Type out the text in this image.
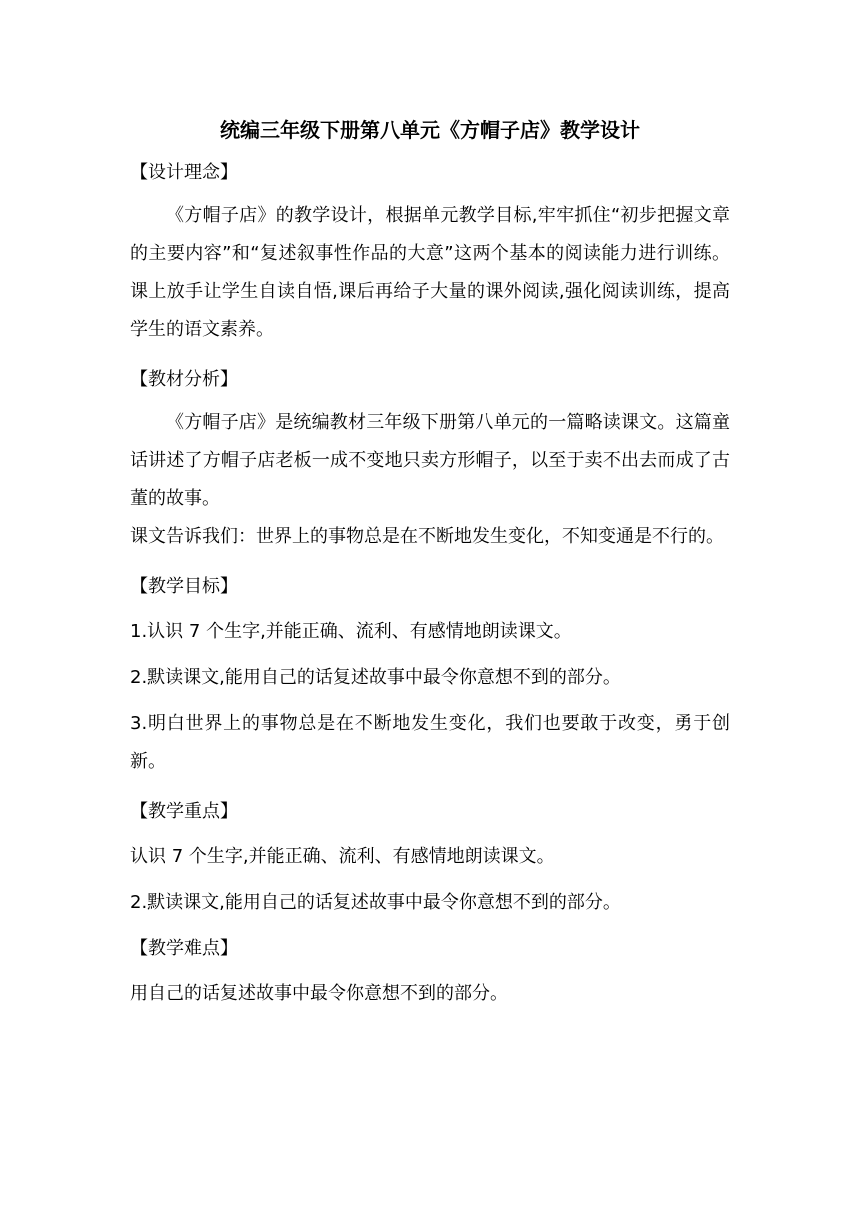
统编三年级下册第八单元《方帽子店》教学设计
【设计理念】

《方帽子店》的教学设计，根据单元教学目标,牢牢抓住“初步把握文章的主要内容”和“复述叙事性作品的大意”这两个基本的阅读能力进行训练。课上放手让学生自读自悟,课后再给子大量的课外阅读,强化阅读训练，提高学生的语文素养。

【教材分析】

《方帽子店》是统编教材三年级下册第八单元的一篇略读课文。这篇童话讲述了方帽子店老板一成不变地只卖方形帽子，以至于卖不出去而成了古董的故事。

课文告诉我们：世界上的事物总是在不断地发生变化，不知变通是不行的。

【教学目标】

1.认识 7 个生字,并能正确、流利、有感情地朗读课文。

2.默读课文,能用自己的话复述故事中最令你意想不到的部分。

3.明白世界上的事物总是在不断地发生变化，我们也要敢于改变，勇于创新。

【教学重点】

认识 7 个生字,并能正确、流利、有感情地朗读课文。

2.默读课文,能用自己的话复述故事中最令你意想不到的部分。

【教学难点】

用自己的话复述故事中最令你意想不到的部分。
